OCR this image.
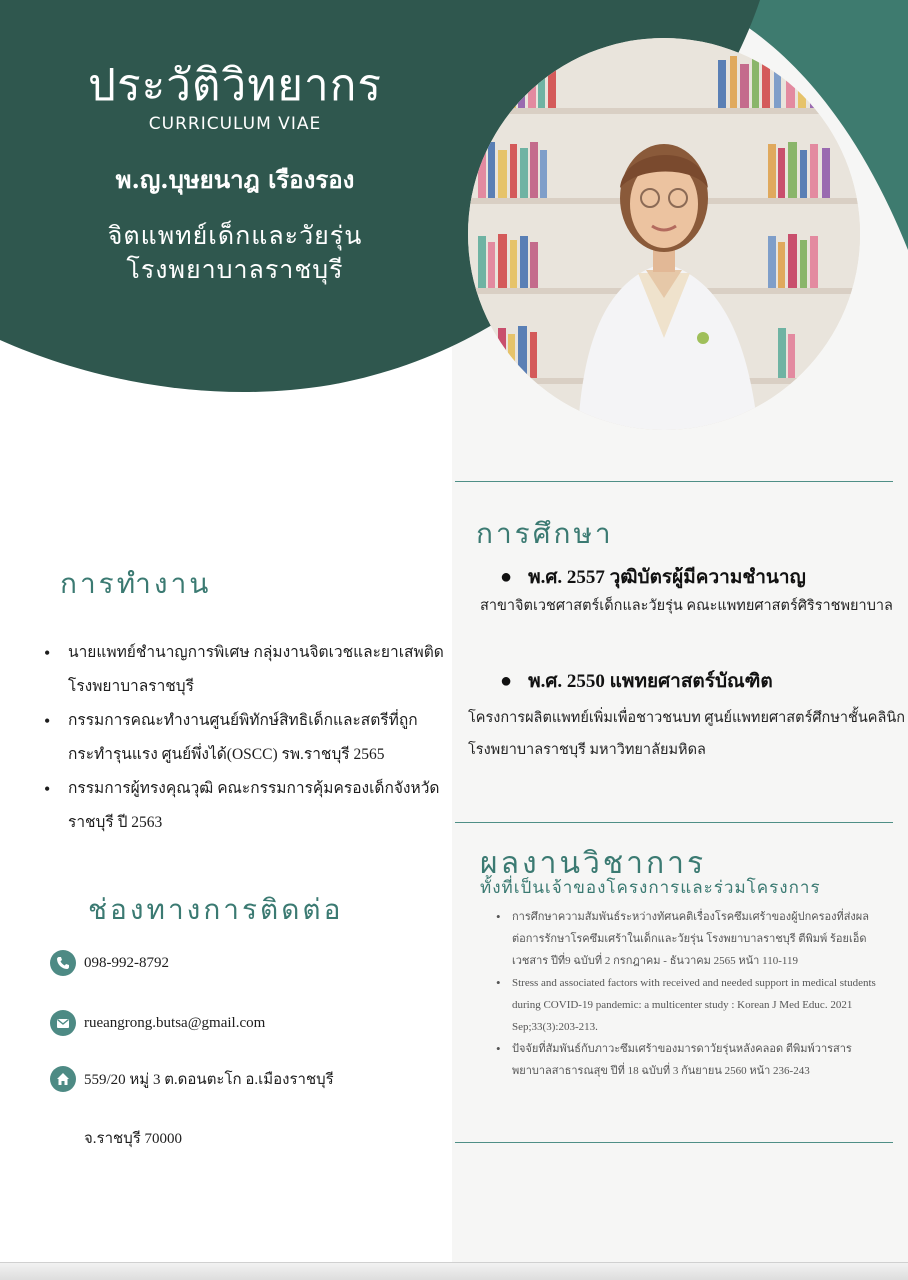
ประวัติวิทยากร
CURRICULUM VIAE
พ.ญ.บุษยนาฎ เรืองรอง
จิตแพทย์เด็กและวัยรุ่น
โรงพยาบาลราชบุรี
การทำงาน
• นายแพทย์ชำนาญการพิเศษ กลุ่มงานจิตเวชและยาเสพติด โรงพยาบาลราชบุรี
• กรรมการคณะทำงานศูนย์พิทักษ์สิทธิเด็กและสตรีที่ถูกกระทำรุนแรง ศูนย์พึ่งได้(OSCC) รพ.ราชบุรี 2565
• กรรมการผู้ทรงคุณวุฒิ คณะกรรมการคุ้มครองเด็กจังหวัดราชบุรี ปี 2563
ช่องทางการติดต่อ
098-992-8792
rueangrong.butsa@gmail.com
559/20 หมู่ 3 ต.ดอนตะโก อ.เมืองราชบุรี
จ.ราชบุรี 70000
การศึกษา
● พ.ศ. 2557 วุฒิบัตรผู้มีความชำนาญ
สาขาจิตเวชศาสตร์เด็กและวัยรุ่น คณะแพทยศาสตร์ศิริราชพยาบาล
● พ.ศ. 2550 แพทยศาสตร์บัณฑิต
โครงการผลิตแพทย์เพิ่มเพื่อชาวชนบท ศูนย์แพทยศาสตร์ศึกษาชั้นคลินิก
โรงพยาบาลราชบุรี มหาวิทยาลัยมหิดล
ผลงานวิชาการ
ทั้งที่เป็นเจ้าของโครงการและร่วมโครงการ
• การศึกษาความสัมพันธ์ระหว่างทัศนคติเรื่องโรคซึมเศร้าของผู้ปกครองที่ส่งผลต่อการรักษาโรคซึมเศร้าในเด็กและวัยรุ่น โรงพยาบาลราชบุรี ตีพิมพ์ ร้อยเอ็ดเวชสาร ปีที่9 ฉบับที่ 2 กรกฎาคม - ธันวาคม 2565 หน้า 110-119
• Stress and associated factors with received and needed support in medical students during COVID-19 pandemic: a multicenter study : Korean J Med Educ. 2021 Sep;33(3):203-213.
• ปัจจัยที่สัมพันธ์กับภาวะซึมเศร้าของมารดาวัยรุ่นหลังคลอด ตีพิมพ์วารสารพยาบาลสาธารณสุข ปีที่ 18 ฉบับที่ 3 กันยายน 2560 หน้า 236-243
